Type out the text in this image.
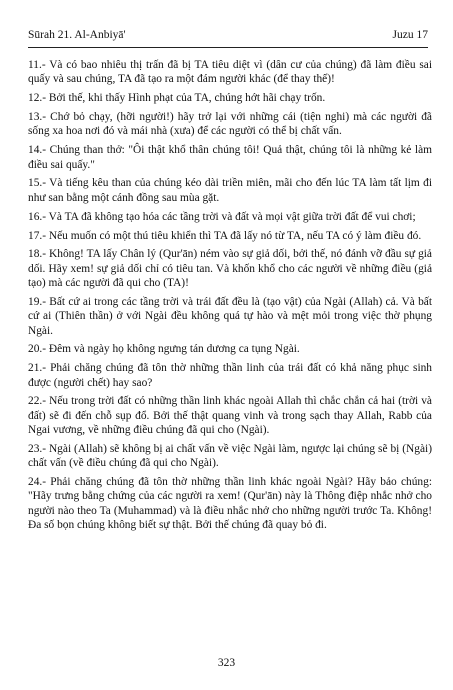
Sūrah 21. Al-Anbiyā'	Juzu 17

11.- Và có bao nhiêu thị trấn đã bị TA tiêu diệt vì (dân cư của chúng) đã làm điều sai quấy và sau chúng, TA đã tạo ra một đám người khác (để thay thế)!

12.- Bởi thế, khi thấy Hình phạt của TA, chúng hớt hãi chạy trốn.

13.- Chớ bỏ chạy, (hỡi người!) hãy trở lại với những cái (tiện nghi) mà các người đã sống xa hoa nơi đó và mái nhà (xưa) để các người có thể bị chất vấn.

14.- Chúng than thở: "Ôi thật khổ thân chúng tôi! Quả thật, chúng tôi là những kẻ làm điều sai quấy."

15.- Và tiếng kêu than của chúng kéo dài triền miên, mãi cho đến lúc TA làm tất lịm đi như san bằng một cánh đồng sau mùa gặt.

16.- Và TA đã không tạo hóa các tầng trời và đất và mọi vật giữa trời đất để vui chơi;

17.- Nếu muốn có một thú tiêu khiển thì TA đã lấy nó từ TA, nếu TA có ý làm điều đó.

18.- Không! TA lấy Chân lý (Qur'ān) ném vào sự giả dối, bởi thế, nó đánh vỡ đầu sự giả dối. Hãy xem! sự giả dối chỉ có tiêu tan. Và khốn khổ cho các người về những điều (giả tạo) mà các người đã qui cho (TA)!

19.- Bất cứ ai trong các tầng trời và trái đất đều là (tạo vật) của Ngài (Allah) cả. Và bất cứ ai (Thiên thần) ở với Ngài đều không quá tự hào và mệt mỏi trong việc thờ phụng Ngài.

20.- Đêm và ngày họ không ngưng tán dương ca tụng Ngài.

21.- Phải chăng chúng đã tôn thờ những thần linh của trái đất có khả năng phục sinh được (người chết) hay sao?

22.- Nếu trong trời đất có những thần linh khác ngoài Allah thì chắc chắn cả hai (trời và đất) sẽ đi đến chỗ sụp đổ. Bởi thế thật quang vinh và trong sạch thay Allah, Rabb của Ngai vương, về những điều chúng đã qui cho (Ngài).

23.- Ngài (Allah) sẽ không bị ai chất vấn về việc Ngài làm, ngược lại chúng sẽ bị (Ngài) chất vấn (về điều chúng đã qui cho Ngài).

24.- Phải chăng chúng đã tôn thờ những thần linh khác ngoài Ngài? Hãy bảo chúng: "Hãy trưng bằng chứng của các người ra xem! (Qur'ān) này là Thông điệp nhắc nhở cho người nào theo Ta (Muhammad) và là điều nhắc nhở cho những người trước Ta. Không! Đa số bọn chúng không biết sự thật. Bởi thế chúng đã quay bỏ đi.

323
